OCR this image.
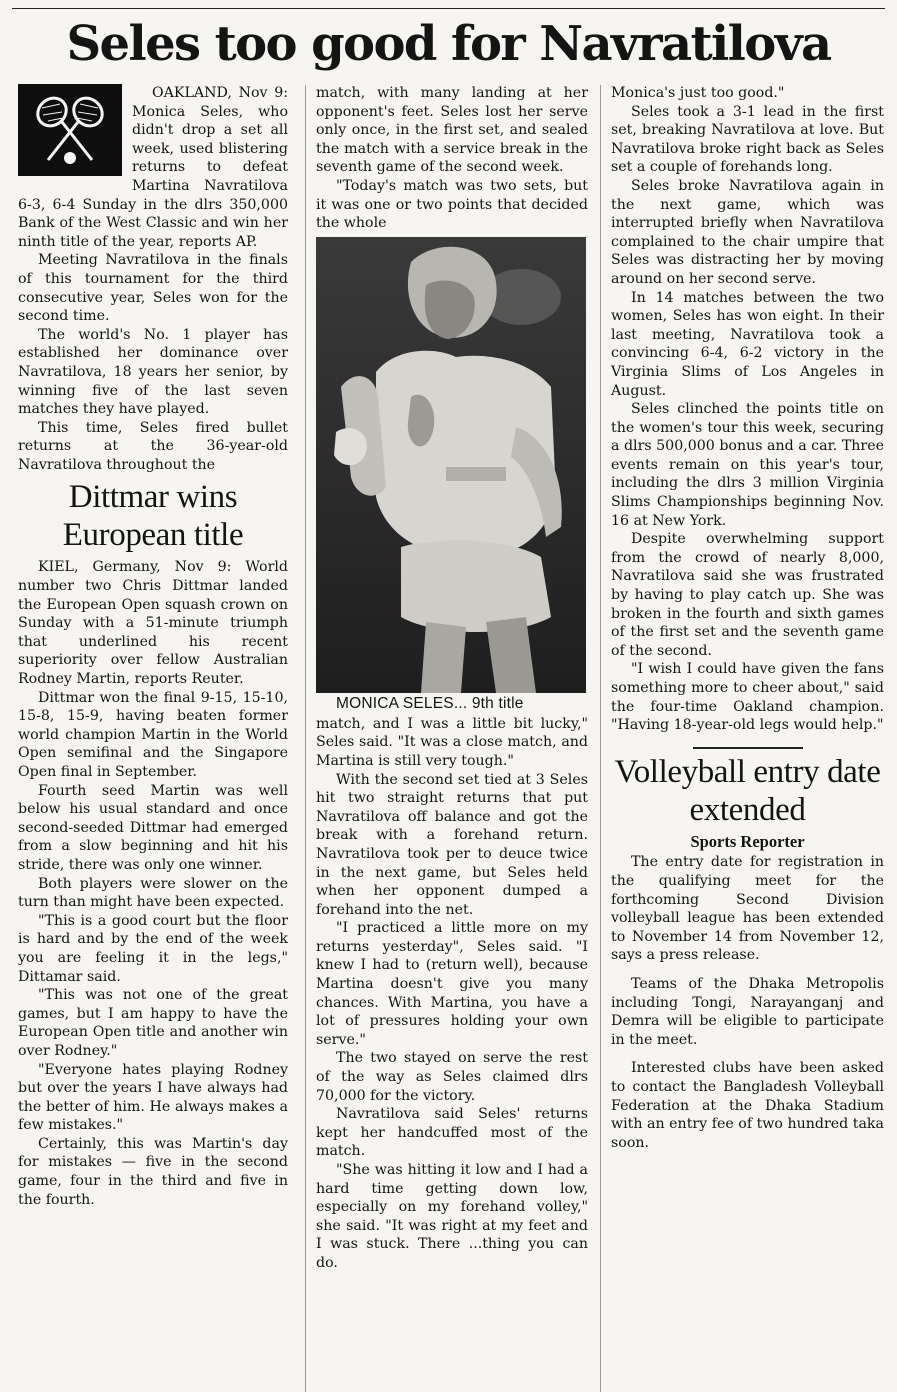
Seles too good for Navratilova

OAKLAND, Nov 9: Monica Seles, who didn't drop a set all week, used blistering returns to defeat Martina Navratilova 6-3, 6-4 Sunday in the dlrs 350,000 Bank of the West Classic and win her ninth title of the year, reports AP.

Meeting Navratilova in the finals of this tournament for the third consecutive year, Seles won for the second time.

The world's No. 1 player has established her dominance over Navratilova, 18 years her senior, by winning five of the last seven matches they have played.

This time, Seles fired bullet returns at the 36-year-old Navratilova throughout the

Dittmar wins European title

KIEL, Germany, Nov 9: World number two Chris Dittmar landed the European Open squash crown on Sunday with a 51-minute triumph that underlined his recent superiority over fellow Australian Rodney Martin, reports Reuter.

Dittmar won the final 9-15, 15-10, 15-8, 15-9, having beaten former world champion Martin in the World Open semifinal and the Singapore Open final in September.

Fourth seed Martin was well below his usual standard and once second-seeded Dittmar had emerged from a slow beginning and hit his stride, there was only one winner.

Both players were slower on the turn than might have been expected.

"This is a good court but the floor is hard and by the end of the week you are feeling it in the legs," Dittamar said.

"This was not one of the great games, but I am happy to have the European Open title and another win over Rodney."

"Everyone hates playing Rodney but over the years I have always had the better of him. He always makes a few mistakes."

Certainly, this was Martin's day for mistakes — five in the second game, four in the third and five in the fourth.

match, with many landing at her opponent's feet. Seles lost her serve only once, in the first set, and sealed the match with a service break in the seventh game of the second week.

"Today's match was two sets, but it was one or two points that decided the whole

MONICA SELES... 9th title

match, and I was a little bit lucky," Seles said. "It was a close match, and Martina is still very tough."

With the second set tied at 3 Seles hit two straight returns that put Navratilova off balance and got the break with a forehand return. Navratilova took per to deuce twice in the next game, but Seles held when her opponent dumped a forehand into the net.

"I practiced a little more on my returns yesterday", Seles said. "I knew I had to (return well), because Martina doesn't give you many chances. With Martina, you have a lot of pressures holding your own serve."

The two stayed on serve the rest of the way as Seles claimed dlrs 70,000 for the victory.

Navratilova said Seles' returns kept her handcuffed most of the match.

"She was hitting it low and I had a hard time getting down low, especially on my forehand volley," she said. "It was right at my feet and I was stuck. There ...thing you can do.

Monica's just too good."

Seles took a 3-1 lead in the first set, breaking Navratilova at love. But Navratilova broke right back as Seles set a couple of forehands long.

Seles broke Navratilova again in the next game, which was interrupted briefly when Navratilova complained to the chair umpire that Seles was distracting her by moving around on her second serve.

In 14 matches between the two women, Seles has won eight. In their last meeting, Navratilova took a convincing 6-4, 6-2 victory in the Virginia Slims of Los Angeles in August.

Seles clinched the points title on the women's tour this week, securing a dlrs 500,000 bonus and a car. Three events remain on this year's tour, including the dlrs 3 million Virginia Slims Championships beginning Nov. 16 at New York.

Despite overwhelming support from the crowd of nearly 8,000, Navratilova said she was frustrated by having to play catch up. She was broken in the fourth and sixth games of the first set and the seventh game of the second.

"I wish I could have given the fans something more to cheer about," said the four-time Oakland champion. "Having 18-year-old legs would help."

Volleyball entry date extended
Sports Reporter

The entry date for registration in the qualifying meet for the forthcoming Second Division volleyball league has been extended to November 14 from November 12, says a press release.

Teams of the Dhaka Metropolis including Tongi, Narayanganj and Demra will be eligible to participate in the meet.

Interested clubs have been asked to contact the Bangladesh Volleyball Federation at the Dhaka Stadium with an entry fee of two hundred taka soon.
